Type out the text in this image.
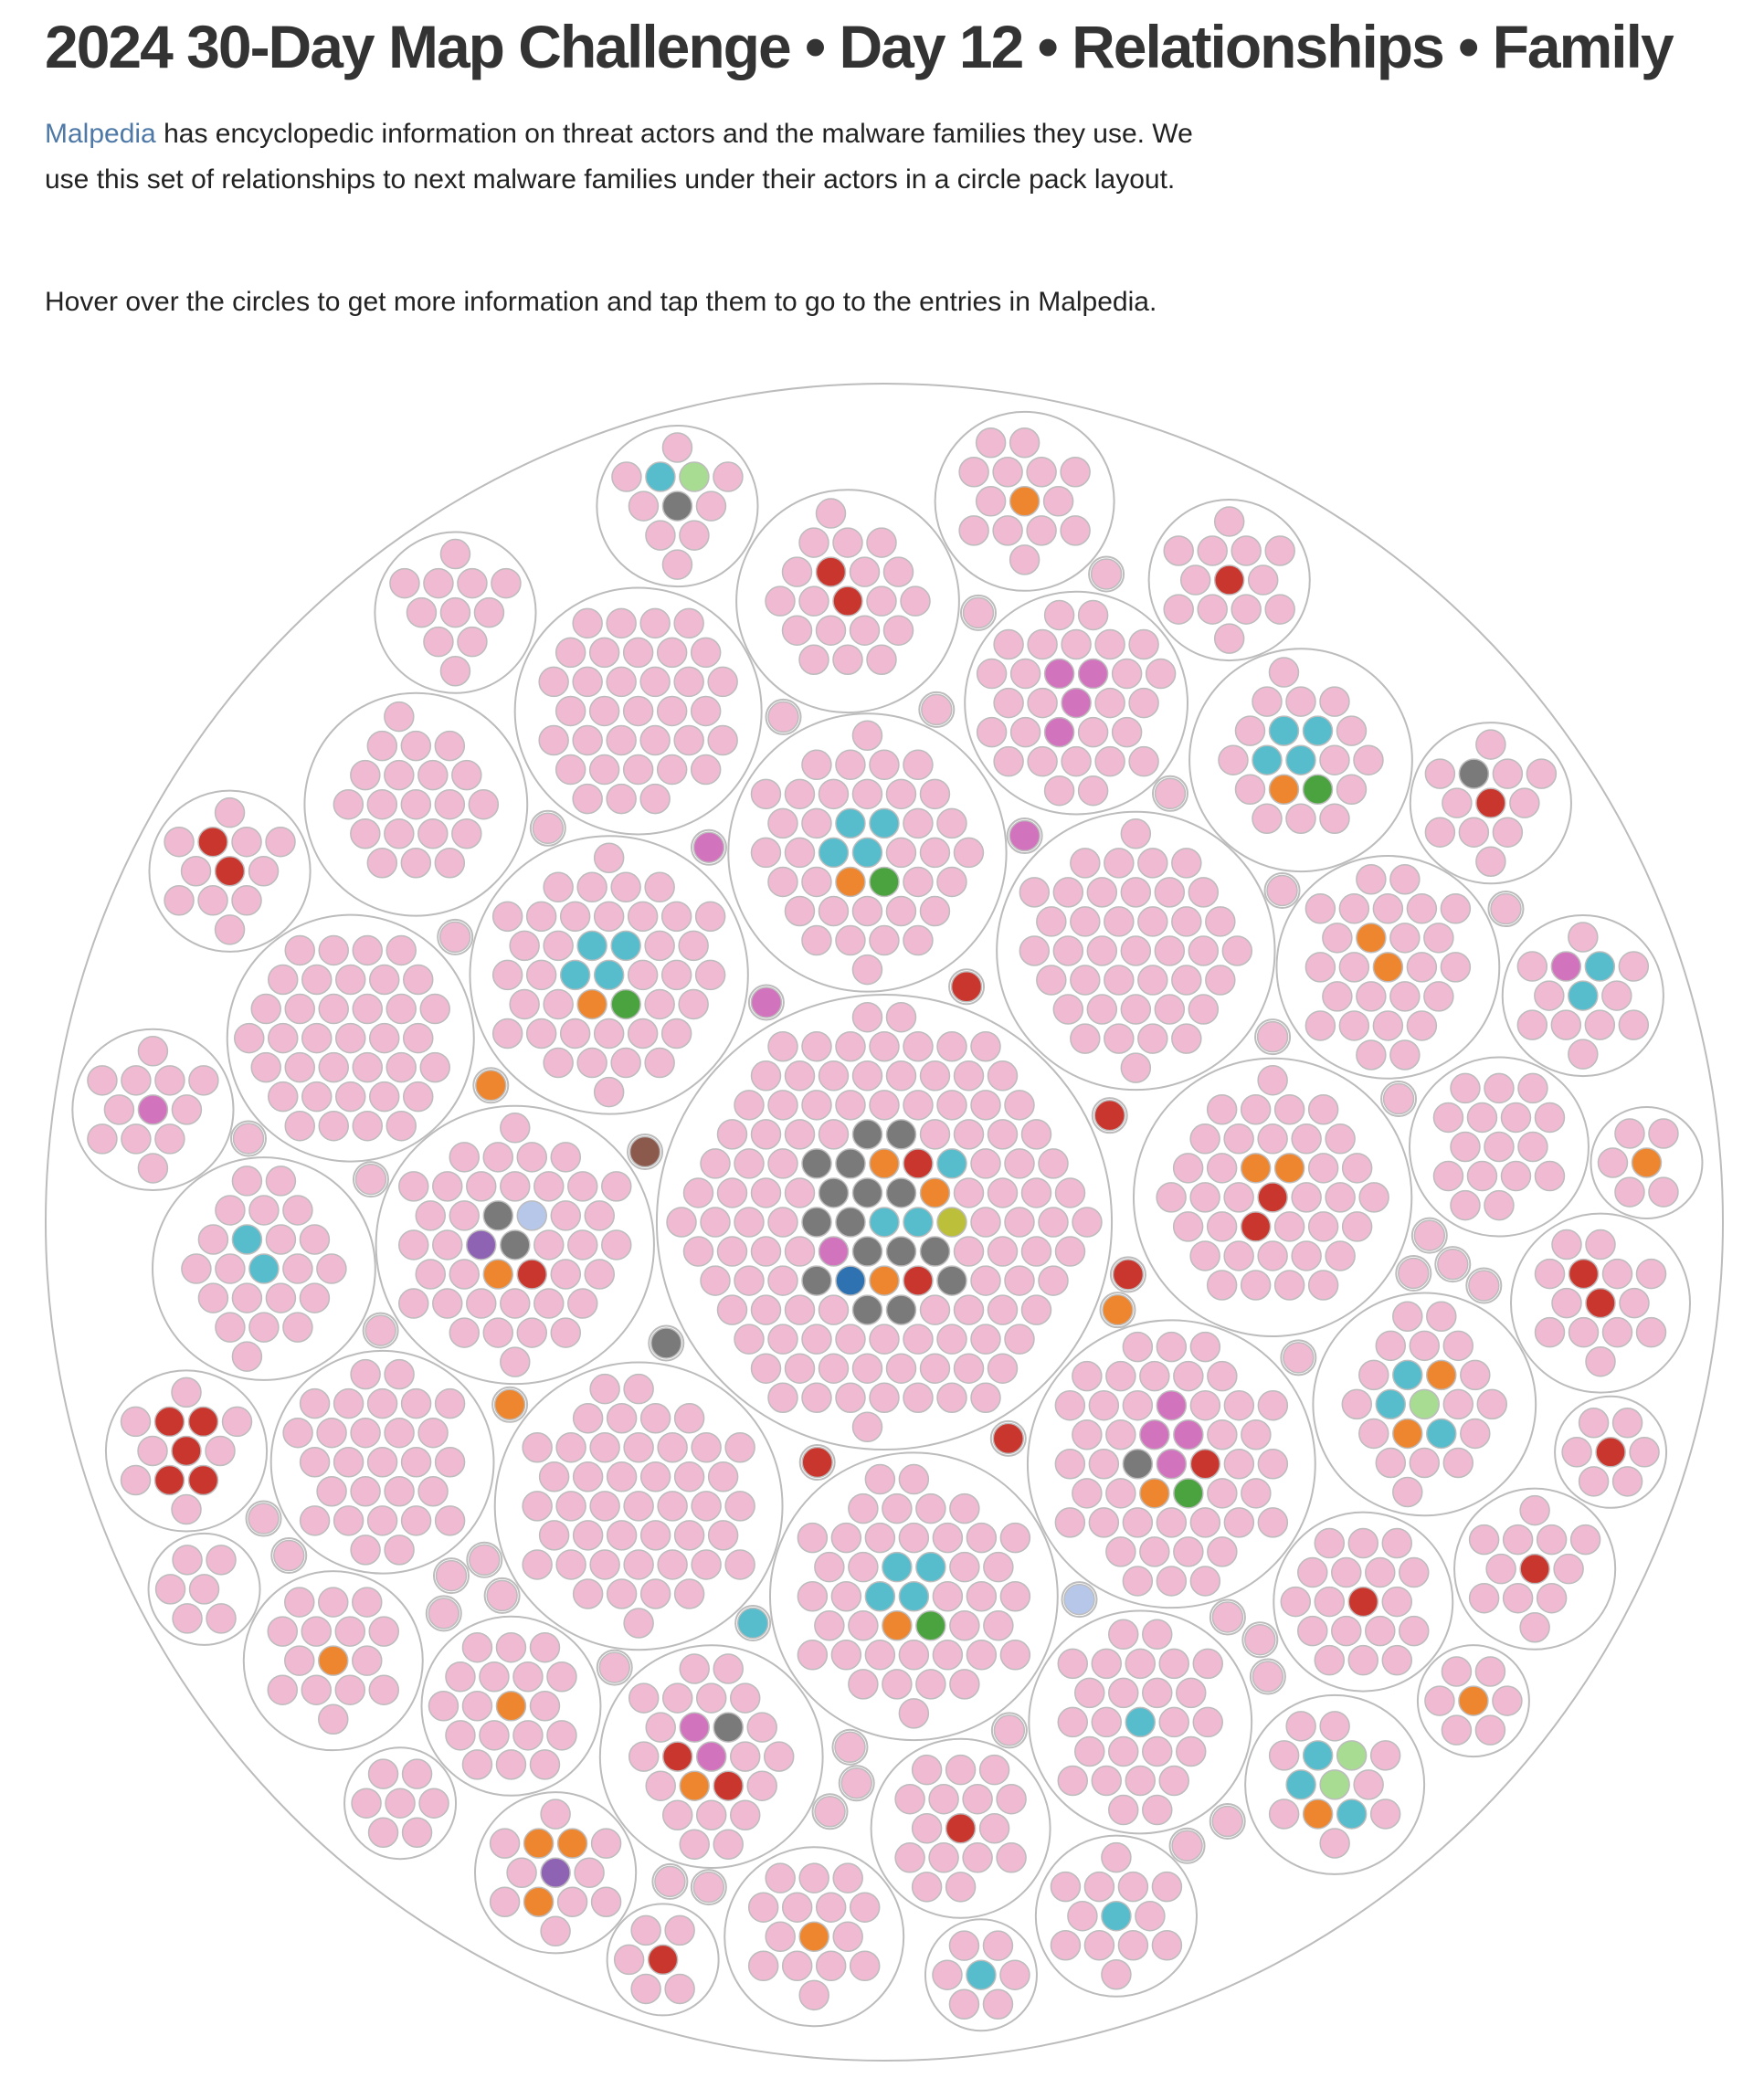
2024 30-Day Map Challenge • Day 12 • Relationships • Family

Malpedia has encyclopedic information on threat actors and the malware families they use. We use this set of relationships to next malware families under their actors in a circle pack layout.

Hover over the circles to get more information and tap them to go to the entries in Malpedia.
